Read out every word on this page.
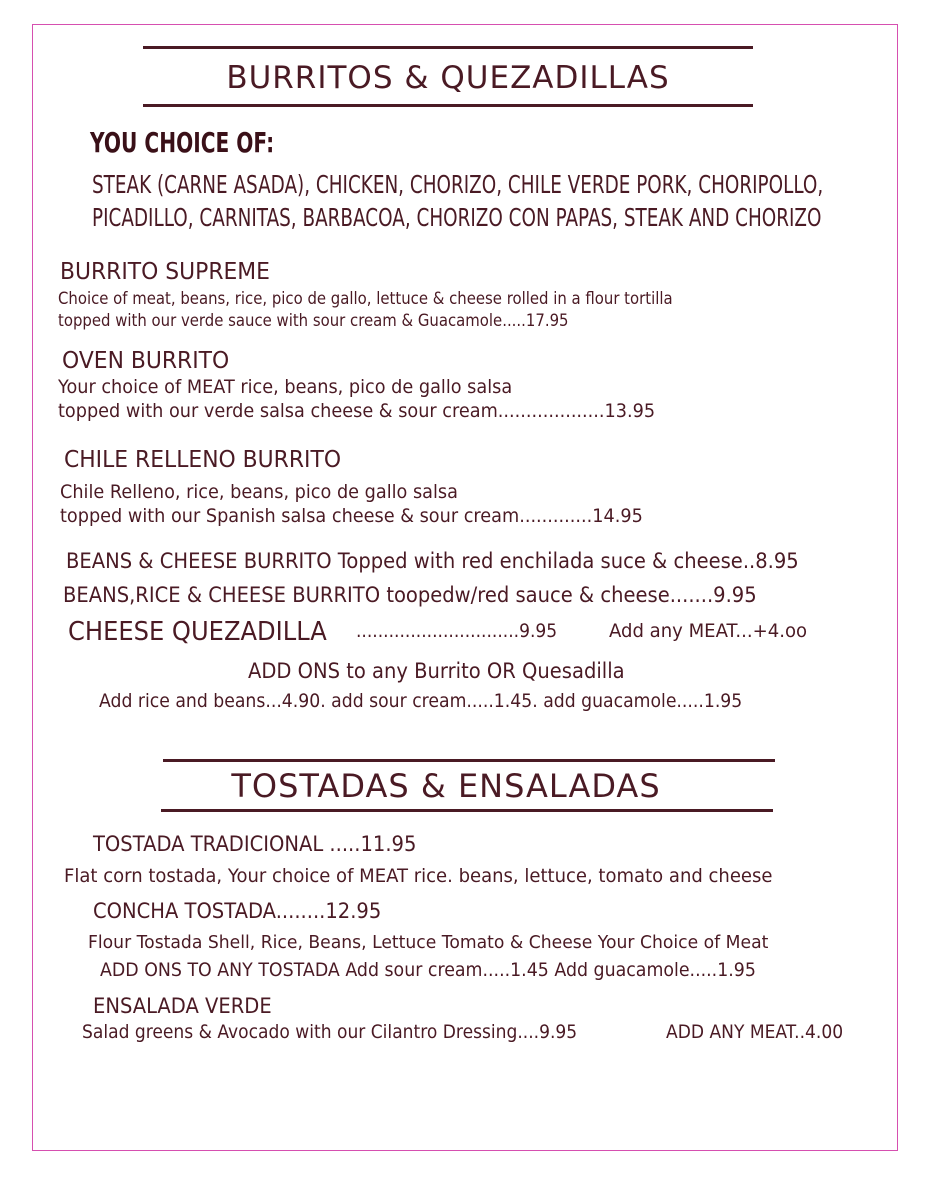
BURRITOS & QUEZADILLAS
YOU CHOICE OF:
STEAK (CARNE ASADA), CHICKEN, CHORIZO, CHILE VERDE PORK, CHORIPOLLO,
PICADILLO, CARNITAS, BARBACOA, CHORIZO CON PAPAS, STEAK AND CHORIZO
BURRITO SUPREME
Choice of meat, beans, rice, pico de gallo, lettuce & cheese rolled in a flour tortilla
topped with our verde sauce with sour cream & Guacamole.....17.95
OVEN BURRITO
Your choice of MEAT rice, beans, pico de gallo salsa
topped with our verde salsa cheese & sour cream...................13.95
CHILE RELLENO BURRITO
Chile Relleno, rice, beans, pico de gallo salsa
topped with our Spanish salsa cheese & sour cream.............14.95
BEANS & CHEESE BURRITO Topped with red enchilada suce & cheese..8.95
BEANS,RICE & CHEESE BURRITO toopedw/red sauce & cheese.......9.95
CHEESE QUEZADILLA ..............................9.95	Add any MEAT...+4.oo
ADD ONS to any Burrito OR Quesadilla
Add rice and beans...4.90. add sour cream.....1.45. add guacamole.....1.95
TOSTADAS & ENSALADAS
TOSTADA TRADICIONAL .....11.95
Flat corn tostada, Your choice of MEAT rice. beans, lettuce, tomato and cheese
CONCHA TOSTADA........12.95
Flour Tostada Shell, Rice, Beans, Lettuce Tomato & Cheese Your Choice of Meat
ADD ONS TO ANY TOSTADA Add sour cream.....1.45 Add guacamole.....1.95
ENSALADA VERDE
Salad greens & Avocado with our Cilantro Dressing....9.95	ADD ANY MEAT..4.00
